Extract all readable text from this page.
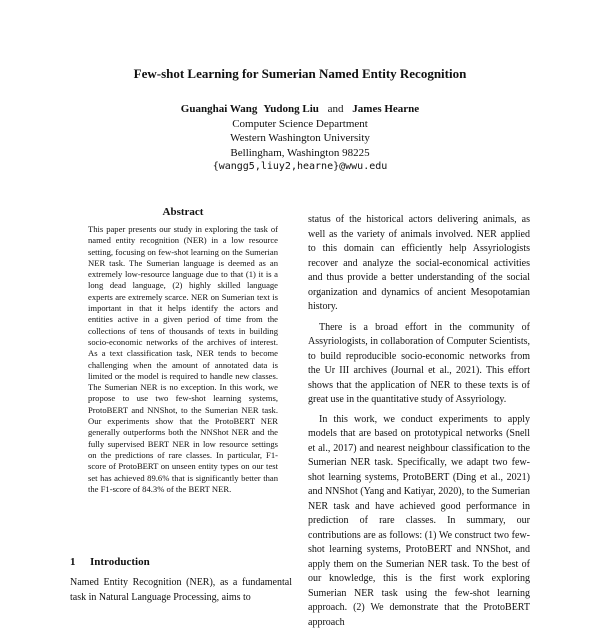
Few-shot Learning for Sumerian Named Entity Recognition
Guanghai Wang Yudong Liu and James Hearne
Computer Science Department
Western Washington University
Bellingham, Washington 98225
{wangg5,liuy2,hearne}@wwu.edu
Abstract

This paper presents our study in exploring the task of named entity recognition (NER) in a low resource setting, focusing on few-shot learning on the Sumerian NER task. The Sumerian language is deemed as an extremely low-resource language due to that (1) it is a long dead language, (2) highly skilled language experts are extremely scarce. NER on Sumerian text is important in that it helps identify the actors and entities active in a given period of time from the collections of tens of thousands of texts in building socio-economic networks of the archives of interest. As a text classification task, NER tends to become challenging when the amount of annotated data is limited or the model is required to handle new classes. The Sumerian NER is no exception. In this work, we propose to use two few-shot learning systems, ProtoBERT and NNShot, to the Sumerian NER task. Our experiments show that the ProtoBERT NER generally outperforms both the NNShot NER and the fully supervised BERT NER in low resource settings on the predictions of rare classes. In particular, F1-score of ProtoBERT on unseen entity types on our test set has achieved 89.6% that is significantly better than the F1-score of 84.3% of the BERT NER.

1 Introduction

Named Entity Recognition (NER), as a fundamental task in Natural Language Processing, aims to

status of the historical actors delivering animals, as well as the variety of animals involved. NER applied to this domain can efficiently help Assyriologists recover and analyze the social-economical activities and thus provide a better understanding of the social organization and dynamics of ancient Mesopotamian history.

There is a broad effort in the community of Assyriologists, in collaboration of Computer Scientists, to build reproducible socio-economic networks from the Ur III archives (Journal et al., 2021). This effort shows that the application of NER to these texts is of great use in the quantitative study of Assyriology.

In this work, we conduct experiments to apply models that are based on prototypical networks (Snell et al., 2017) and nearest neighbour classification to the Sumerian NER task. Specifically, we adapt two few-shot learning systems, ProtoBERT (Ding et al., 2021) and NNShot (Yang and Katiyar, 2020), to the Sumerian NER task and have achieved good performance in prediction of rare classes. In summary, our contributions are as follows: (1) We construct two few-shot learning systems, ProtoBERT and NNShot, and apply them on the Sumerian NER task. To the best of our knowledge, this is the first work exploring Sumerian NER task using the few-shot learning approach. (2) We demonstrate that the ProtoBERT approach
